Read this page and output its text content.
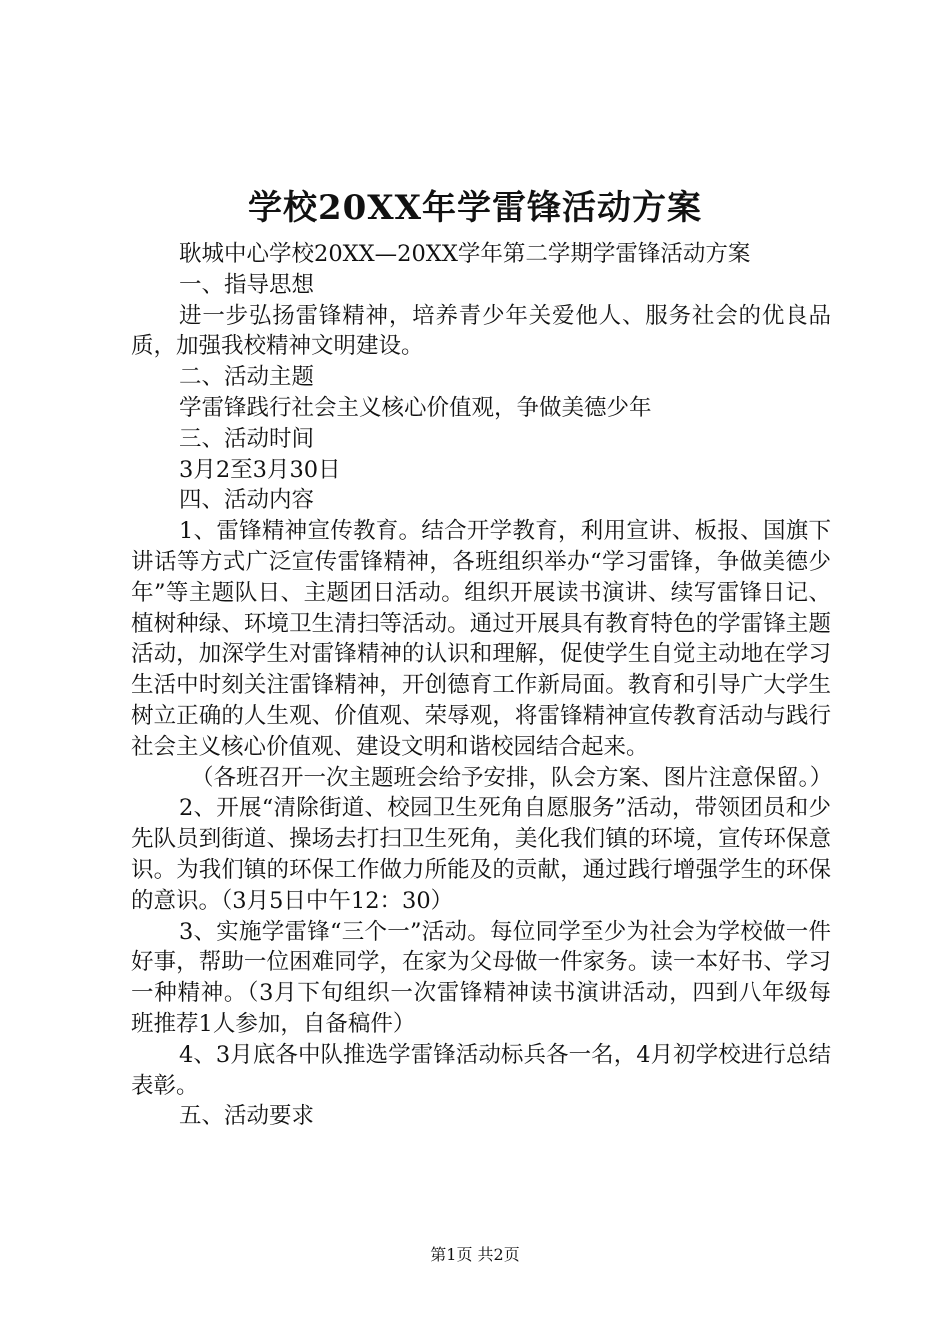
学校20XX年学雷锋活动方案

耿城中心学校20XX—20XX学年第二学期学雷锋活动方案

一、指导思想

进一步弘扬雷锋精神，培养青少年关爱他人、服务社会的优良品质，加强我校精神文明建设。

二、活动主题

学雷锋践行社会主义核心价值观，争做美德少年

三、活动时间

3月2至3月30日

四、活动内容

1、雷锋精神宣传教育。结合开学教育，利用宣讲、板报、国旗下讲话等方式广泛宣传雷锋精神，各班组织举办“学习雷锋，争做美德少年”等主题队日、主题团日活动。组织开展读书演讲、续写雷锋日记、植树种绿、环境卫生清扫等活动。通过开展具有教育特色的学雷锋主题活动，加深学生对雷锋精神的认识和理解，促使学生自觉主动地在学习生活中时刻关注雷锋精神，开创德育工作新局面。教育和引导广大学生树立正确的人生观、价值观、荣辱观，将雷锋精神宣传教育活动与践行社会主义核心价值观、建设文明和谐校园结合起来。

（各班召开一次主题班会给予安排，队会方案、图片注意保留。）

2、开展“清除街道、校园卫生死角自愿服务”活动，带领团员和少先队员到街道、操场去打扫卫生死角，美化我们镇的环境，宣传环保意识。为我们镇的环保工作做力所能及的贡献，通过践行增强学生的环保的意识。（3月5日中午12：30）

3、实施学雷锋“三个一”活动。每位同学至少为社会为学校做一件好事，帮助一位困难同学，在家为父母做一件家务。读一本好书、学习一种精神。（3月下旬组织一次雷锋精神读书演讲活动，四到八年级每班推荐1人参加，自备稿件）

4、3月底各中队推选学雷锋活动标兵各一名，4月初学校进行总结表彰。

五、活动要求

第1页 共2页
